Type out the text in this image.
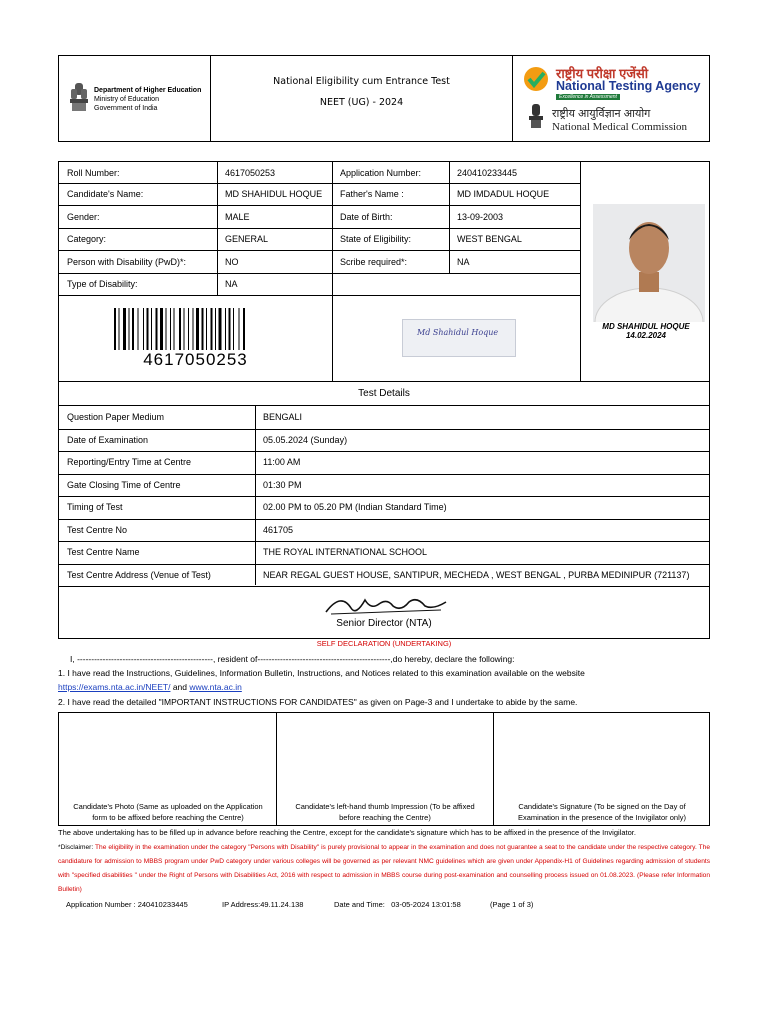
Department of Higher Education
Ministry of Education
Government of India
National Eligibility cum Entrance Test
NEET (UG) - 2024
राष्ट्रीय परीक्षा एजेंसी
National Testing Agency
Excellence in Assessment
राष्ट्रीय आयुर्विज्ञान आयोग
National Medical Commission
Roll Number:	4617050253	Application Number:	240410233445
Candidate's Name:	MD SHAHIDUL HOQUE	Father's Name :	MD IMDADUL HOQUE
Gender:	MALE	Date of Birth:	13-09-2003
Category:	GENERAL	State of Eligibility:	WEST BENGAL
Person with Disability (PwD)*:	NO	Scribe required*:	NA
Type of Disability:	NA
4617050253
Md Shahidul Hoque
MD SHAHIDUL HOQUE
14.02.2024
Test Details
Question Paper Medium	BENGALI
Date of Examination	05.05.2024 (Sunday)
Reporting/Entry Time at Centre	11:00 AM
Gate Closing Time of Centre	01:30 PM
Timing of Test	02.00 PM to 05.20 PM (Indian Standard Time)
Test Centre No	461705
Test Centre Name	THE ROYAL INTERNATIONAL SCHOOL
Test Centre Address (Venue of Test)	NEAR REGAL GUEST HOUSE, SANTIPUR, MECHEDA , WEST BENGAL , PURBA MEDINIPUR (721137)
Senior Director (NTA)
SELF DECLARATION (UNDERTAKING)
I, ------------------------------------------------, resident of-----------------------------------------------,do hereby, declare the following:
1. I have read the Instructions, Guidelines, Information Bulletin, Instructions, and Notices related to this examination available on the website
https://exams.nta.ac.in/NEET/ and www.nta.ac.in
2. I have read the detailed "IMPORTANT INSTRUCTIONS FOR CANDIDATES" as given on Page-3 and I undertake to abide by the same.
Candidate's Photo (Same as uploaded on the Application form to be affixed before reaching the Centre)
Candidate's left-hand thumb Impression (To be affixed before reaching the Centre)
Candidate's Signature (To be signed on the Day of Examination in the presence of the Invigilator only)
The above undertaking has to be filled up in advance before reaching the Centre, except for the candidate's signature which has to be affixed in the presence of the Invigilator.
*Disclaimer: The eligibility in the examination under the category "Persons with Disability" is purely provisional to appear in the examination and does not guarantee a seat to the candidate under the respective category. The candidature for admission to MBBS program under PwD category under various colleges will be governed as per relevant NMC guidelines which are given under Appendix-H1 of Guidelines regarding admission of students with "specified disabilities " under the Right of Persons with Disabilities Act, 2016 with respect to admission in MBBS course during post-examination and counselling process issued on 01.08.2023. (Please refer Information Bulletin)
Application Number : 240410233445	IP Address:49.11.24.138	Date and Time:   03-05-2024 13:01:58	(Page 1 of 3)
